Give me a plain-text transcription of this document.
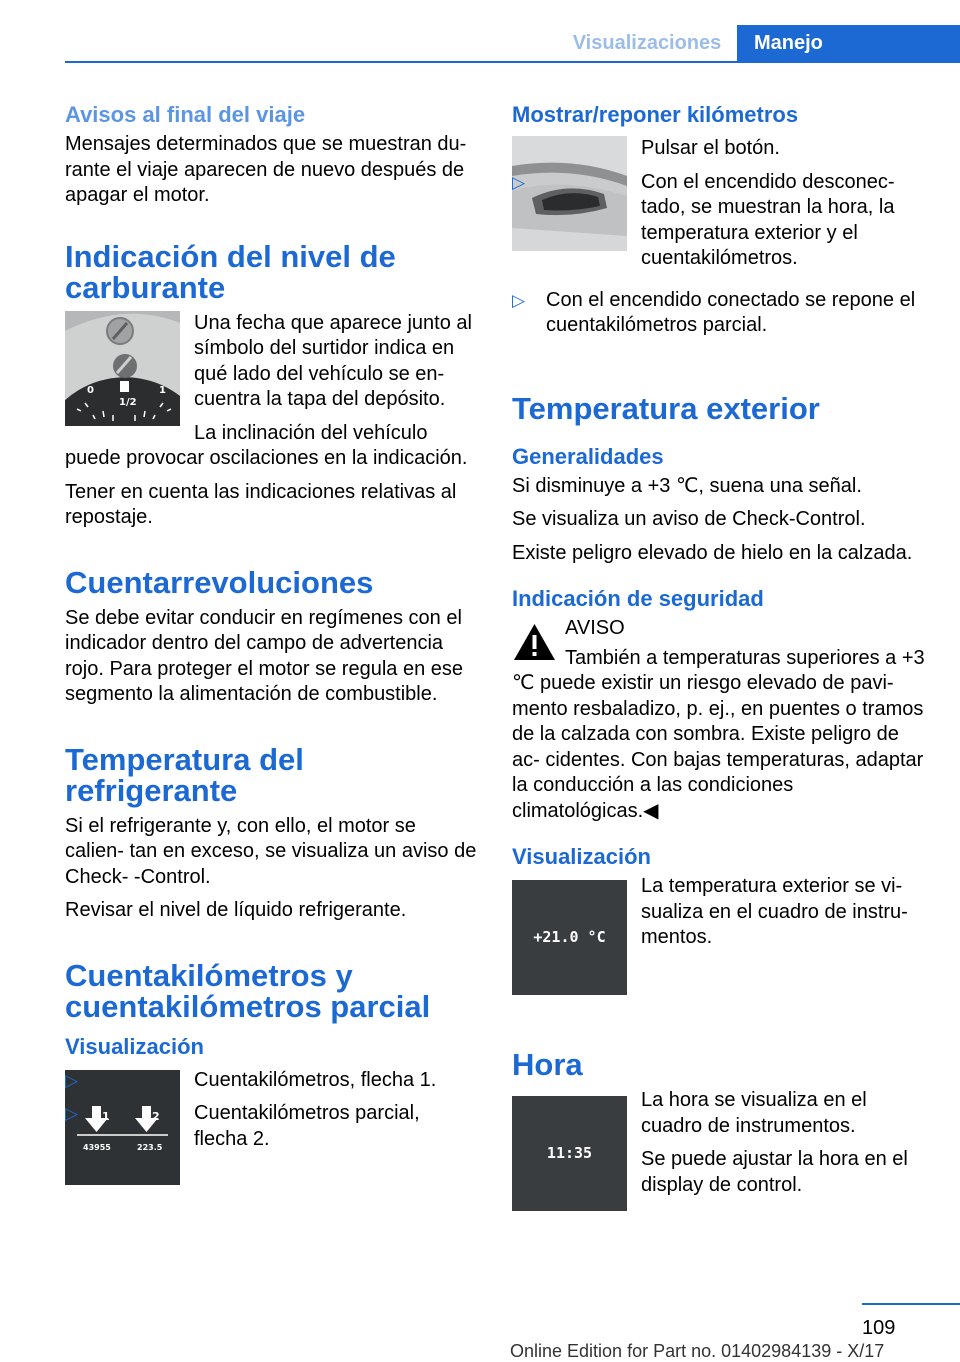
Visualizaciones	Manejo
Avisos al final del viaje

Mensajes determinados que se muestran du‐ rante el viaje aparecen de nuevo después de apagar el motor.

Indicación del nivel de carburante
0
1/2
1

Una fecha que aparece junto al símbolo del surtidor indica en qué lado del vehículo se en‐ cuentra la tapa del depósito.

La inclinación del vehículo puede provocar oscilaciones en la indicación.

Tener en cuenta las indicaciones relativas al repostaje.

Cuentarrevoluciones

Se debe evitar conducir en regímenes con el indicador dentro del campo de advertencia rojo. Para proteger el motor se regula en ese segmento la alimentación de combustible.

Temperatura del refrigerante

Si el refrigerante y, con ello, el motor se calien‐ tan en exceso, se visualiza un aviso de Check‐ ‐Control.

Revisar el nivel de líquido refrigerante.

Cuentakilómetros y cuentakilómetros parcial
Visualización
1	2
43955	223.5
▷	Cuentakilómetros, flecha 1.
▷	Cuentakilómetros parcial, flecha 2.
Mostrar/reponer kilómetros

Pulsar el botón.

▷	Con el encendido desconec‐ tado, se muestran la hora, la temperatura exterior y el cuentakilómetros.
▷ Con el encendido conectado se repone el cuentakilómetros parcial.
Temperatura exterior
Generalidades

Si disminuye a +3 ℃, suena una señal.

Se visualiza un aviso de Check-Control.

Existe peligro elevado de hielo en la calzada.

Indicación de seguridad

AVISO

También a temperaturas superiores a +3 ℃ puede existir un riesgo elevado de pavi‐ mento resbaladizo, p. ej., en puentes o tramos de la calzada con sombra. Existe peligro de ac‐ cidentes. Con bajas temperaturas, adaptar la conducción a las condiciones climatológicas.◀

Visualización
+21.0 °C

La temperatura exterior se vi‐ sualiza en el cuadro de instru‐ mentos.

Hora
11:35

La hora se visualiza en el cuadro de instrumentos.

Se puede ajustar la hora en el display de control.

109
Online Edition for Part no. 01402984139 - X/17
